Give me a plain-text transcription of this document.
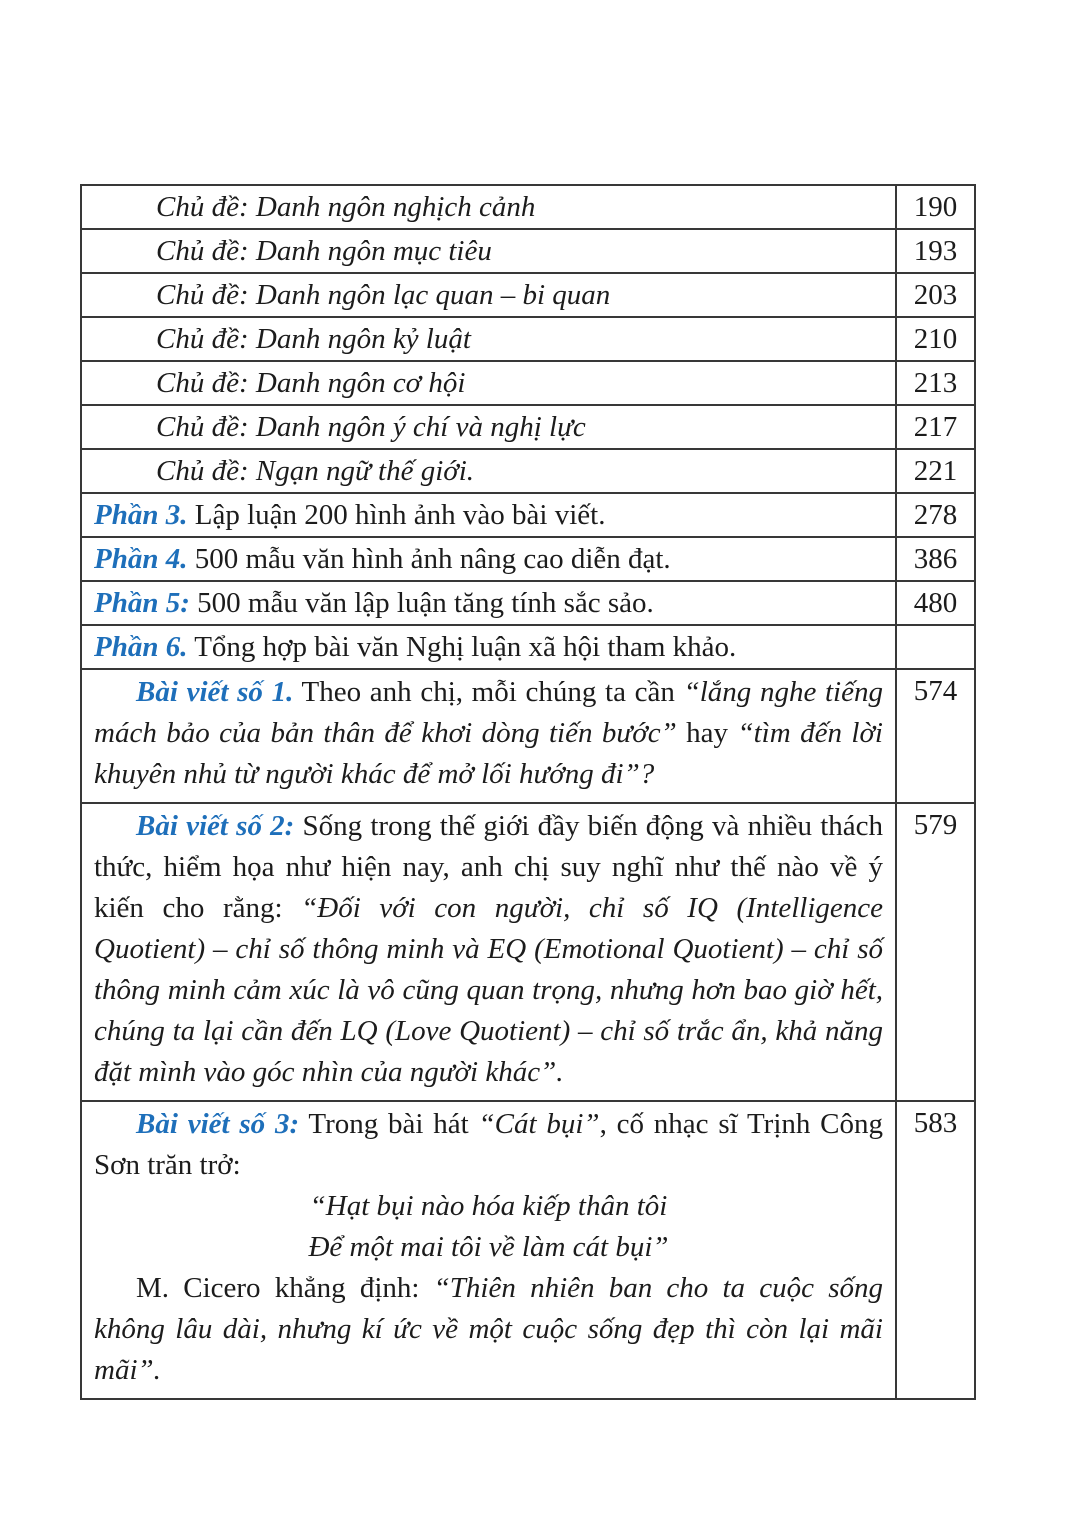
Chủ đề: Danh ngôn nghịch cảnh	190
Chủ đề: Danh ngôn mục tiêu	193
Chủ đề: Danh ngôn lạc quan – bi quan	203
Chủ đề: Danh ngôn kỷ luật	210
Chủ đề: Danh ngôn cơ hội	213
Chủ đề: Danh ngôn ý chí và nghị lực	217
Chủ đề: Ngạn ngữ thế giới.	221
Phần 3. Lập luận 200 hình ảnh vào bài viết.	278
Phần 4. 500 mẫu văn hình ảnh nâng cao diễn đạt.	386
Phần 5: 500 mẫu văn lập luận tăng tính sắc sảo.	480
Phần 6. Tổng hợp bài văn Nghị luận xã hội tham khảo.	

Bài viết số 1. Theo anh chị, mỗi chúng ta cần “lắng nghe tiếng mách bảo của bản thân để khơi dòng tiến bước” hay “tìm đến lời khuyên nhủ từ người khác để mở lối hướng đi”?	574

Bài viết số 2: Sống trong thế giới đầy biến động và nhiều thách thức, hiểm họa như hiện nay, anh chị suy nghĩ như thế nào về ý kiến cho rằng: “Đối với con người, chỉ số IQ (Intelligence Quotient) – chỉ số thông minh và EQ (Emotional Quotient) – chỉ số thông minh cảm xúc là vô cũng quan trọng, nhưng hơn bao giờ hết, chúng ta lại cần đến LQ (Love Quotient) – chỉ số trắc ẩn, khả năng đặt mình vào góc nhìn của người khác”.	579

Bài viết số 3: Trong bài hát “Cát bụi”, cố nhạc sĩ Trịnh Công Sơn trăn trở:

“Hạt bụi nào hóa kiếp thân tôi

Để một mai tôi về làm cát bụi”

M. Cicero khẳng định: “Thiên nhiên ban cho ta cuộc sống không lâu dài, nhưng kí ức về một cuộc sống đẹp thì còn lại mãi mãi”.	583
